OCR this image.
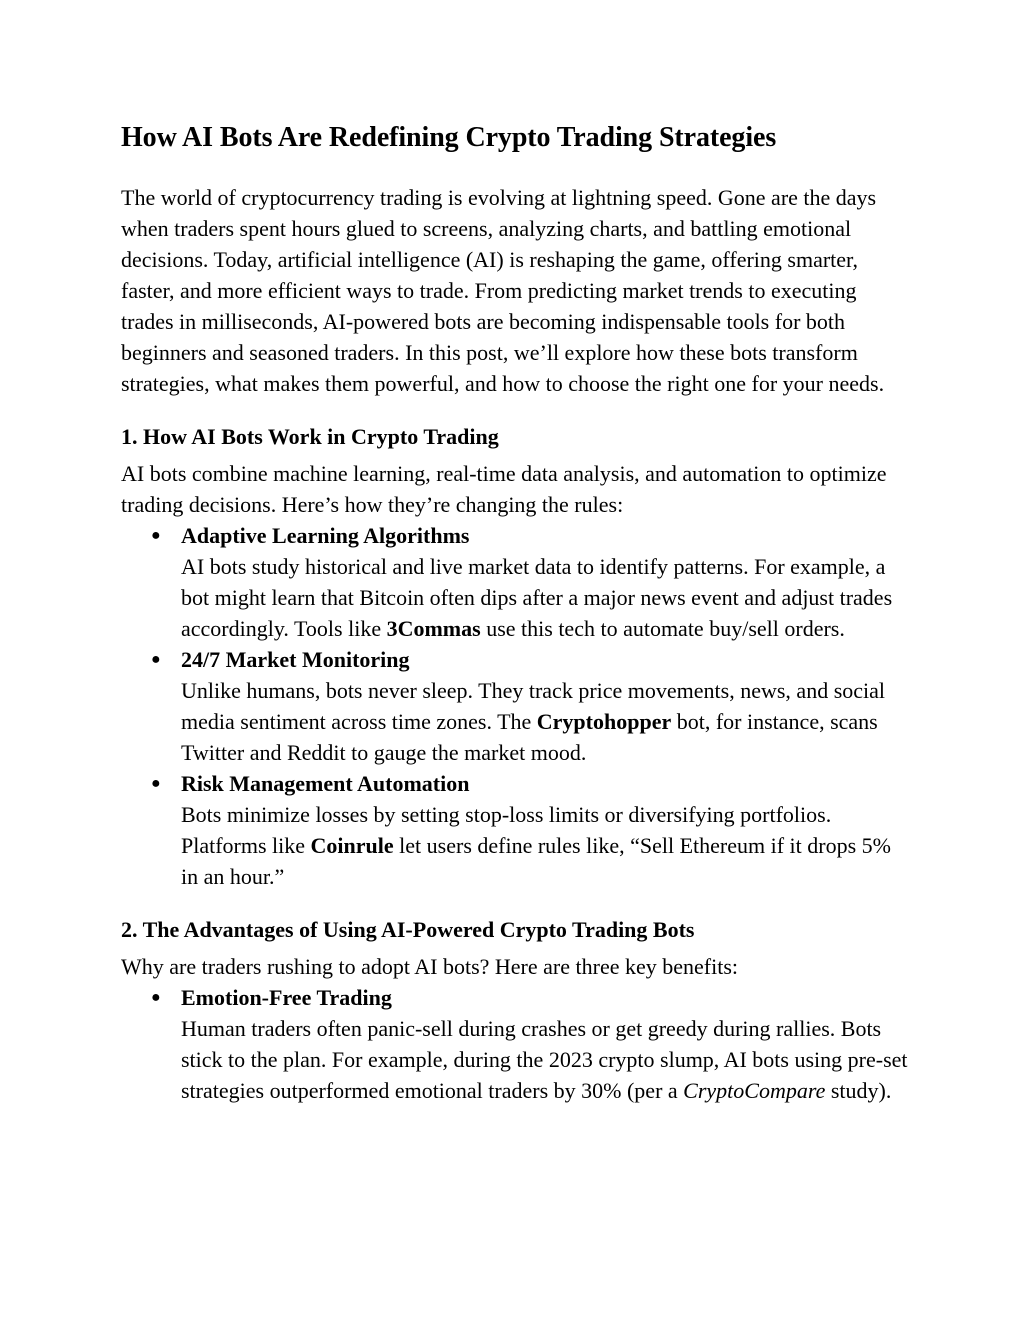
How AI Bots Are Redefining Crypto Trading Strategies

The world of cryptocurrency trading is evolving at lightning speed. Gone are the days when traders spent hours glued to screens, analyzing charts, and battling emotional decisions. Today, artificial intelligence (AI) is reshaping the game, offering smarter, faster, and more efficient ways to trade. From predicting market trends to executing trades in milliseconds, AI-powered bots are becoming indispensable tools for both beginners and seasoned traders. In this post, we’ll explore how these bots transform strategies, what makes them powerful, and how to choose the right one for your needs.

1. How AI Bots Work in Crypto Trading

AI bots combine machine learning, real-time data analysis, and automation to optimize trading decisions. Here’s how they’re changing the rules:

● Adaptive Learning Algorithms
AI bots study historical and live market data to identify patterns. For example, a bot might learn that Bitcoin often dips after a major news event and adjust trades accordingly. Tools like 3Commas use this tech to automate buy/sell orders.
● 24/7 Market Monitoring
Unlike humans, bots never sleep. They track price movements, news, and social media sentiment across time zones. The Cryptohopper bot, for instance, scans Twitter and Reddit to gauge the market mood.
● Risk Management Automation
Bots minimize losses by setting stop-loss limits or diversifying portfolios. Platforms like Coinrule let users define rules like, “Sell Ethereum if it drops 5% in an hour.”
2. The Advantages of Using AI-Powered Crypto Trading Bots

Why are traders rushing to adopt AI bots? Here are three key benefits:

● Emotion-Free Trading
Human traders often panic-sell during crashes or get greedy during rallies. Bots stick to the plan. For example, during the 2023 crypto slump, AI bots using pre-set strategies outperformed emotional traders by 30% (per a CryptoCompare study).
